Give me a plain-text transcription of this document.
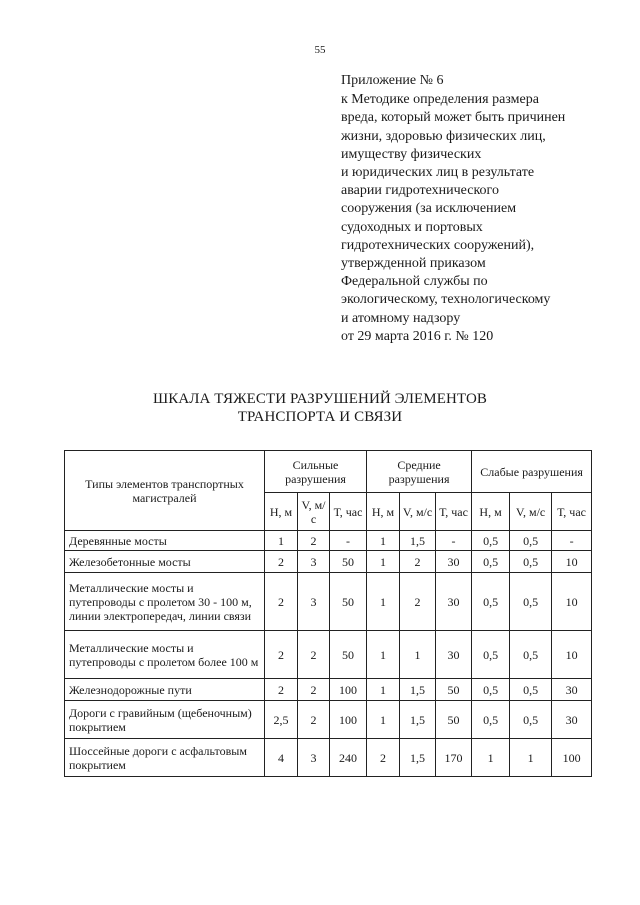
55
Приложение № 6
к Методике определения размера
вреда, который может быть причинен
жизни, здоровью физических лиц,
имуществу физических
и юридических лиц в результате
аварии гидротехнического
сооружения (за исключением
судоходных и портовых
гидротехнических сооружений),
утвержденной приказом
Федеральной службы по
экологическому, технологическому
и атомному надзору
от 29 марта 2016 г. № 120
ШКАЛА ТЯЖЕСТИ РАЗРУШЕНИЙ ЭЛЕМЕНТОВ
ТРАНСПОРТА И СВЯЗИ
Типы элементов транспортных магистралей	Сильные разрушения			Средние разрушения			Слабые разрушения		
	Н, м	V, м/с	Т, час	Н, м	V, м/с	Т, час	Н, м	V, м/с	Т, час
Деревянные мосты	1	2	-	1	1,5	-	0,5	0,5	-
Железобетонные мосты	2	3	50	1	2	30	0,5	0,5	10
Металлические мосты и путепроводы с пролетом 30 - 100 м, линии электропередач, линии связи	2	3	50	1	2	30	0,5	0,5	10
Металлические мосты и путепроводы с пролетом более 100 м	2	2	50	1	1	30	0,5	0,5	10
Железнодорожные пути	2	2	100	1	1,5	50	0,5	0,5	30
Дороги с гравийным (щебеночным) покрытием	2,5	2	100	1	1,5	50	0,5	0,5	30
Шоссейные дороги с асфальтовым покрытием	4	3	240	2	1,5	170	1	1	100
